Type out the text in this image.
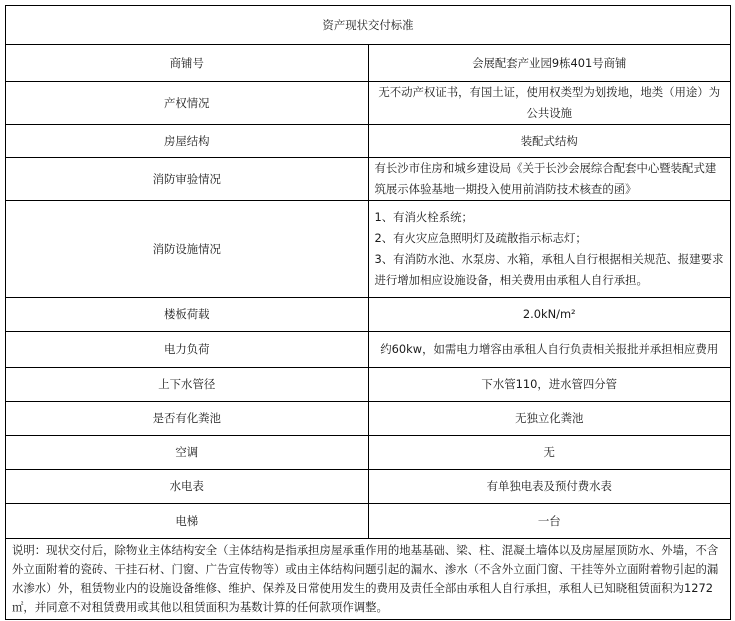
资产现状交付标准	
商铺号	会展配套产业园9栋401号商铺
产权情况	无不动产权证书，有国土证，使用权类型为划拨地，地类（用途）为公共设施
房屋结构	装配式结构
消防审验情况	有长沙市住房和城乡建设局《关于长沙会展综合配套中心暨装配式建筑展示体验基地一期投入使用前消防技术核查的函》
消防设施情况	1、有消火栓系统；
2、有火灾应急照明灯及疏散指示标志灯；
3、有消防水池、水泵房、水箱，承租人自行根据相关规范、报建要求进行增加相应设施设备，相关费用由承租人自行承担。

楼板荷载	2.0kN/m²
电力负荷	约60kw，如需电力增容由承租人自行负责相关报批并承担相应费用
上下水管径	下水管110，进水管四分管
是否有化粪池	无独立化粪池
空调	无
水电表	有单独电表及预付费水表
电梯	一台
说明：现状交付后，除物业主体结构安全（主体结构是指承担房屋承重作用的地基基础、梁、柱、混凝土墙体以及房屋屋顶防水、外墙，不含外立面附着的瓷砖、干挂石材、门窗、广告宣传物等）或由主体结构问题引起的漏水、渗水（不含外立面门窗、干挂等外立面附着物引起的漏水渗水）外，租赁物业内的设施设备维修、维护、保养及日常使用发生的费用及责任全部由承租人自行承担，承租人已知晓租赁面积为1272 ㎡，并同意不对租赁费用或其他以租赁面积为基数计算的任何款项作调整。	
